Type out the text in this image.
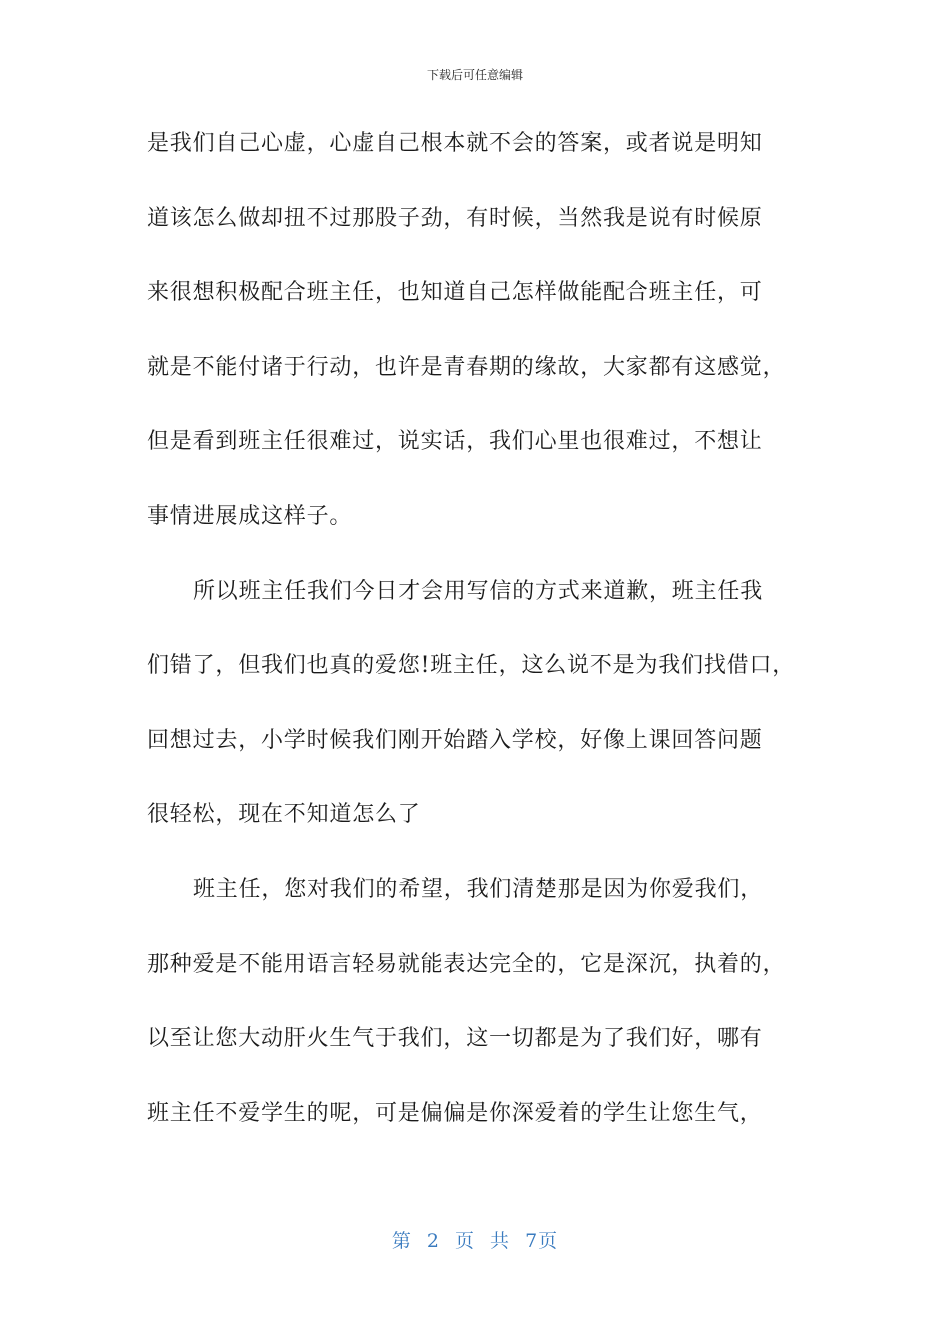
下载后可任意编辑
是我们自己心虚，心虚自己根本就不会的答案，或者说是明知
道该怎么做却扭不过那股子劲，有时候，当然我是说有时候原
来很想积极配合班主任，也知道自己怎样做能配合班主任，可
就是不能付诸于行动，也许是青春期的缘故，大家都有这感觉，
但是看到班主任很难过，说实话，我们心里也很难过，不想让
事情进展成这样子。
所以班主任我们今日才会用写信的方式来道歉，班主任我
们错了，但我们也真的爱您!班主任，这么说不是为我们找借口，
回想过去，小学时候我们刚开始踏入学校，好像上课回答问题
很轻松，现在不知道怎么了
班主任，您对我们的希望，我们清楚那是因为你爱我们，
那种爱是不能用语言轻易就能表达完全的，它是深沉，执着的，
以至让您大动肝火生气于我们，这一切都是为了我们好，哪有
班主任不爱学生的呢，可是偏偏是你深爱着的学生让您生气，
第 2 页 共 7页
